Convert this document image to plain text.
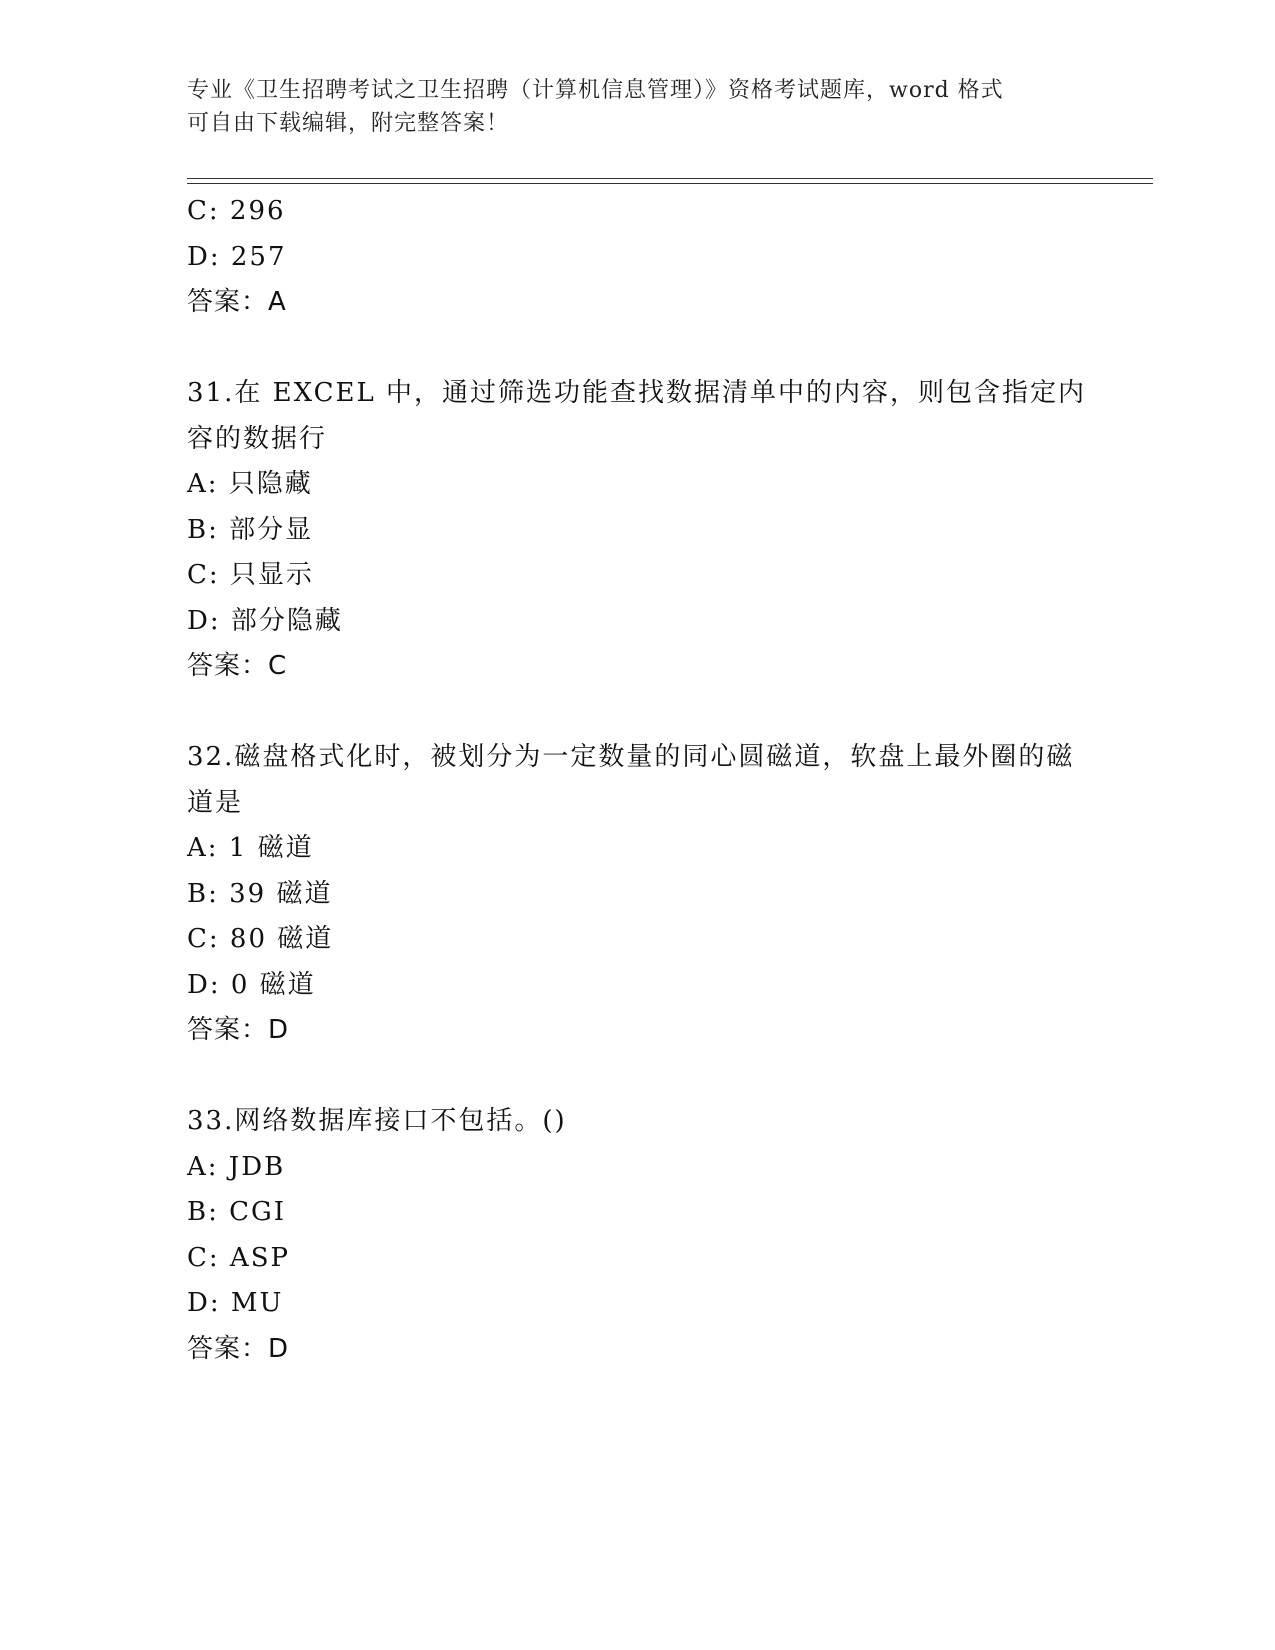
专业《卫生招聘考试之卫生招聘（计算机信息管理）》资格考试题库，word 格式
可自由下载编辑，附完整答案！
C: 296
D: 257
答案：A
31.在 EXCEL 中，通过筛选功能查找数据清单中的内容，则包含指定内容的数据行
A: 只隐藏
B: 部分显
C: 只显示
D: 部分隐藏
答案：C
32.磁盘格式化时，被划分为一定数量的同心圆磁道，软盘上最外圈的磁道是
A: 1 磁道
B: 39 磁道
C: 80 磁道
D: 0 磁道
答案：D
33.网络数据库接口不包括。()
A: JDB
B: CGI
C: ASP
D: MU
答案：D
